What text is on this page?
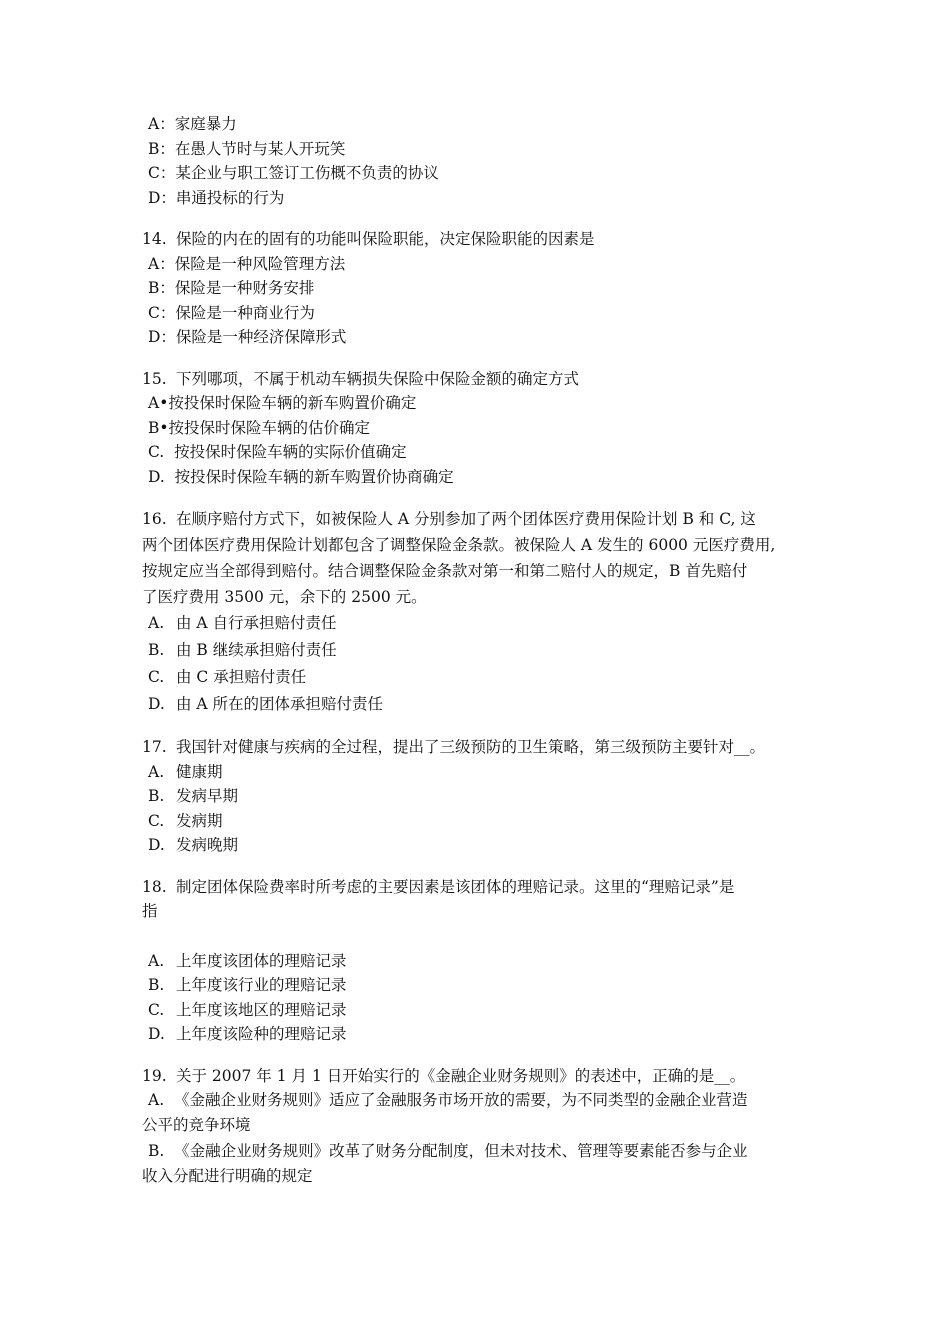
A：家庭暴力
B：在愚人节时与某人开玩笑
C：某企业与职工签订工伤概不负责的协议
D：串通投标的行为
14. 保险的内在的固有的功能叫保险职能，决定保险职能的因素是
A：保险是一种风险管理方法
B：保险是一种财务安排
C：保险是一种商业行为
D：保险是一种经济保障形式
15. 下列哪项，不属于机动车辆损失保险中保险金额的确定方式
A•按投保时保险车辆的新车购置价确定
B•按投保时保险车辆的估价确定
C.  按投保时保险车辆的实际价值确定
D.  按投保时保险车辆的新车购置价协商确定
16. 在顺序赔付方式下，如被保险人 A 分别参加了两个团体医疗费用保险计划 B 和 C, 这
两个团体医疗费用保险计划都包含了调整保险金条款。被保险人 A 发生的 6000 元医疗费用,
按规定应当全部得到赔付。结合调整保险金条款对第一和第二赔付人的规定，B 首先赔付
了医疗费用 3500 元，余下的 2500 元。
A. 由 A 自行承担赔付责任
B. 由 B 继续承担赔付责任
C. 由 C 承担赔付责任
D. 由 A 所在的团体承担赔付责任
17. 我国针对健康与疾病的全过程，提出了三级预防的卫生策略，第三级预防主要针对__。
A. 健康期
B. 发病早期
C. 发病期
D. 发病晚期
18. 制定团体保险费率时所考虑的主要因素是该团体的理赔记录。这里的“理赔记录”是
指
A. 上年度该团体的理赔记录
B. 上年度该行业的理赔记录
C. 上年度该地区的理赔记录
D. 上年度该险种的理赔记录
19. 关于 2007 年 1 月 1 日开始实行的《金融企业财务规则》的表述中，正确的是__。
A.  《金融企业财务规则》适应了金融服务市场开放的需要，为不同类型的金融企业营造
公平的竞争环境
B.  《金融企业财务规则》改革了财务分配制度，但未对技术、管理等要素能否参与企业
收入分配进行明确的规定
